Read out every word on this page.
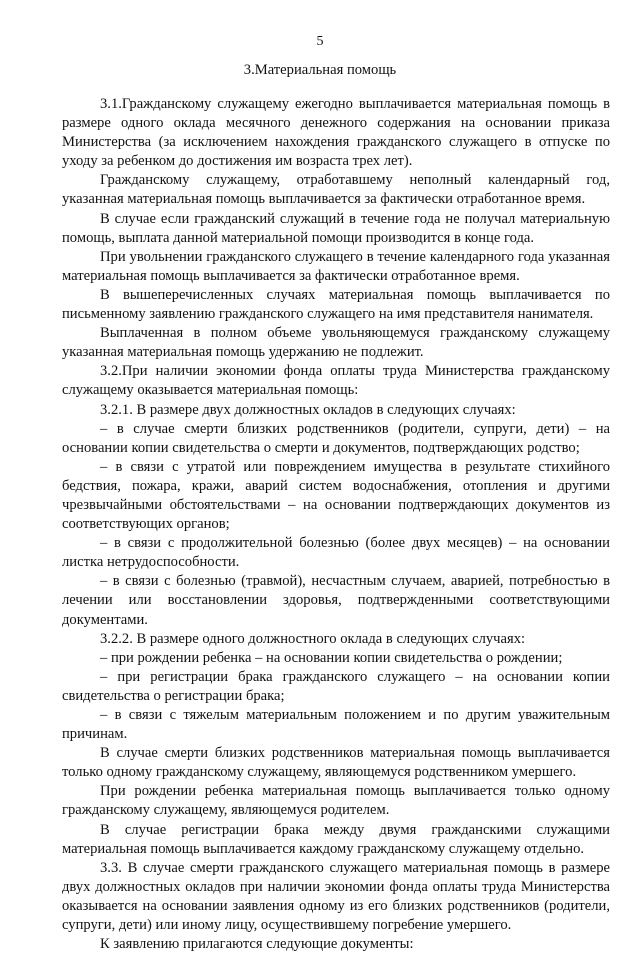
5
3.Материальная помощь

3.1.Гражданскому служащему ежегодно выплачивается материальная помощь в размере одного оклада месячного денежного содержания на основании приказа Министерства (за исключением нахождения гражданского служащего в отпуске по уходу за ребенком до достижения им возраста трех лет).

Гражданскому служащему, отработавшему неполный календарный год, указанная материальная помощь выплачивается за фактически отработанное время.

В случае если гражданский служащий в течение года не получал материальную помощь, выплата данной материальной помощи производится в конце года.

При увольнении гражданского служащего в течение календарного года указанная материальная помощь выплачивается за фактически отработанное время.

В вышеперечисленных случаях материальная помощь выплачивается по письменному заявлению гражданского служащего на имя представителя нанимателя.

Выплаченная в полном объеме увольняющемуся гражданскому служащему указанная материальная помощь удержанию не подлежит.

3.2.При наличии экономии фонда оплаты труда Министерства гражданскому служащему оказывается материальная помощь:

3.2.1. В размере двух должностных окладов в следующих случаях:

– в случае смерти близких родственников (родители, супруги, дети) – на основании копии свидетельства о смерти и документов, подтверждающих родство;

– в связи с утратой или повреждением имущества в результате стихийного бедствия, пожара, кражи, аварий систем водоснабжения, отопления и другими чрезвычайными обстоятельствами – на основании подтверждающих документов из соответствующих органов;

– в связи с продолжительной болезнью (более двух месяцев) – на основании листка нетрудоспособности.

– в связи с болезнью (травмой), несчастным случаем, аварией, потребностью в лечении или восстановлении здоровья, подтвержденными соответствующими документами.

3.2.2. В размере одного должностного оклада в следующих случаях:

– при рождении ребенка – на основании копии свидетельства о рождении;

– при регистрации брака гражданского служащего – на основании копии свидетельства о регистрации брака;

– в связи с тяжелым материальным положением и по другим уважительным причинам.

В случае смерти близких родственников материальная помощь выплачивается только одному гражданскому служащему, являющемуся родственником умершего.

При рождении ребенка материальная помощь выплачивается только одному гражданскому служащему, являющемуся родителем.

В случае регистрации брака между двумя гражданскими служащими материальная помощь выплачивается каждому гражданскому служащему отдельно.

3.3. В случае смерти гражданского служащего материальная помощь в размере двух должностных окладов при наличии экономии фонда оплаты труда Министерства оказывается на основании заявления одному из его близких родственников (родители, супруги, дети) или иному лицу, осуществившему погребение умершего.

К заявлению прилагаются следующие документы:
